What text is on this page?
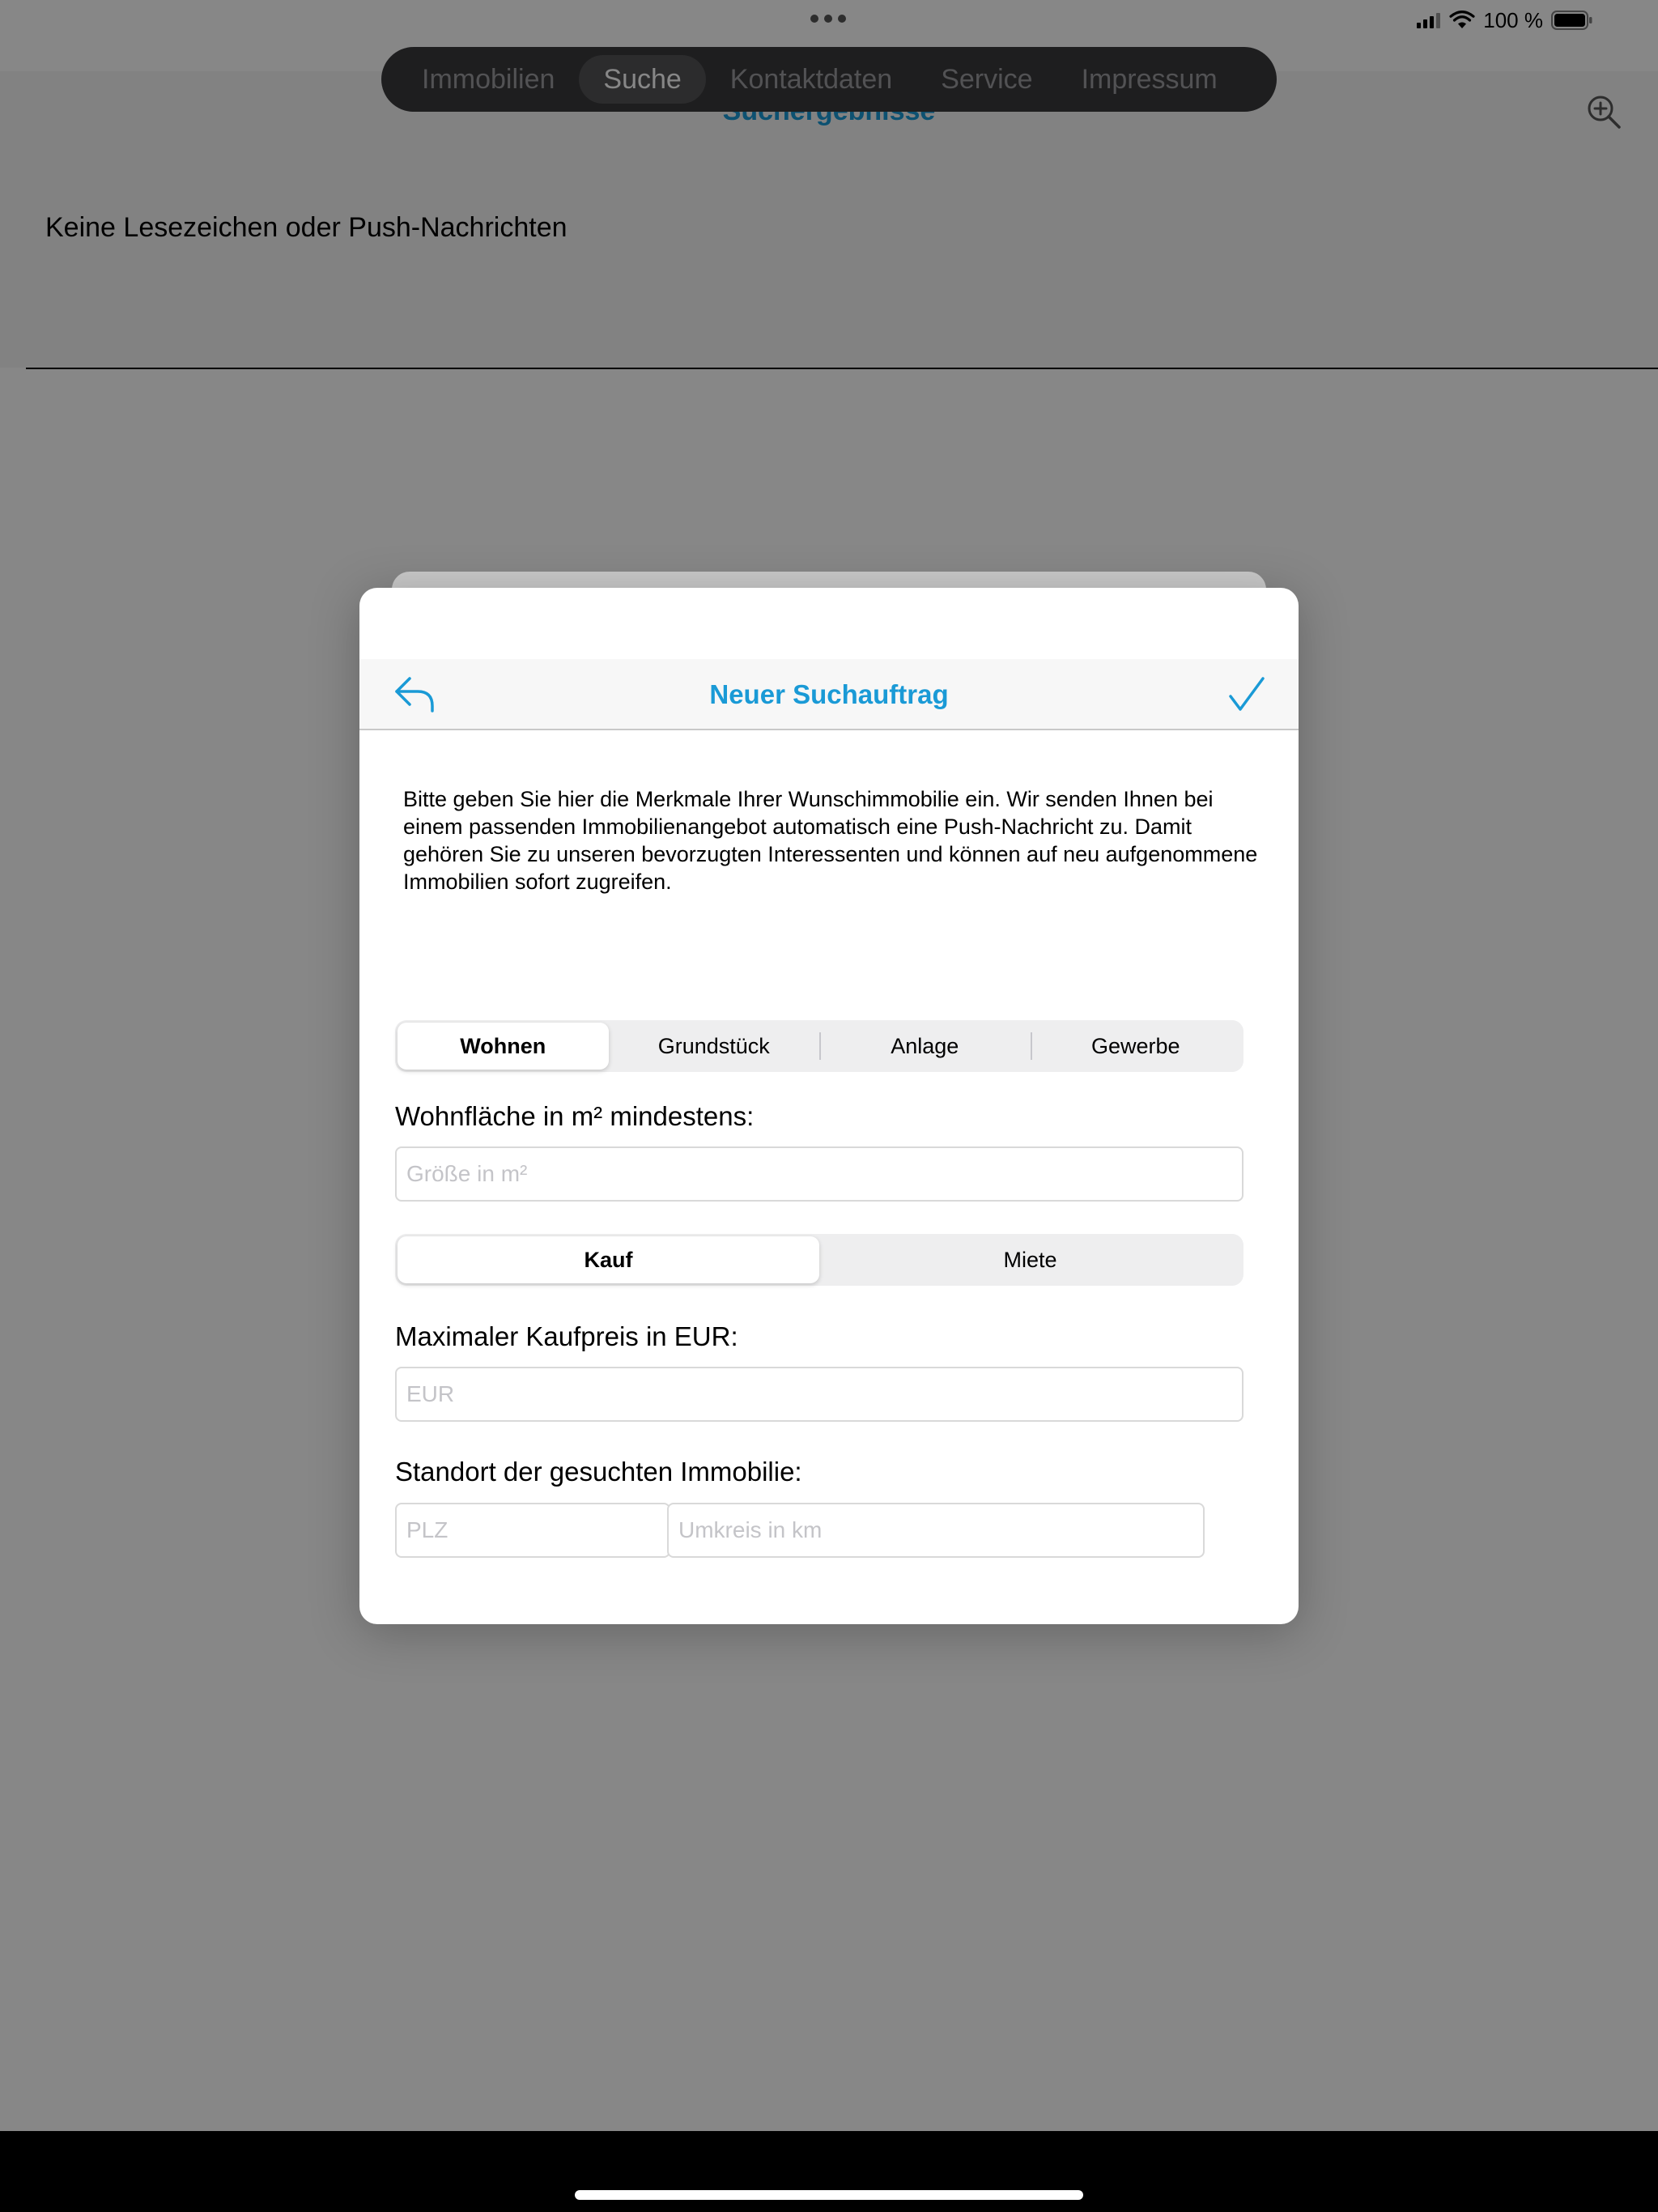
Keine Lesezeichen oder Push-Nachrichten
100 %
Immobilien	Suche	Kontaktdaten	Service	Impressum
Neuer Suchauftrag
Bitte geben Sie hier die Merkmale Ihrer Wunschimmobilie ein. Wir senden Ihnen bei einem passenden Immobilienangebot automatisch eine Push-Nachricht zu. Damit gehören Sie zu unseren bevorzugten Interessenten und können auf neu aufgenommene Immobilien sofort zugreifen.
Wohnen	Grundstück	Anlage	Gewerbe
Wohnfläche in m² mindestens:
Größe in m²
Kauf	Miete
Maximaler Kaufpreis in EUR:
EUR
Standort der gesuchten Immobilie:
PLZ
Umkreis in km
